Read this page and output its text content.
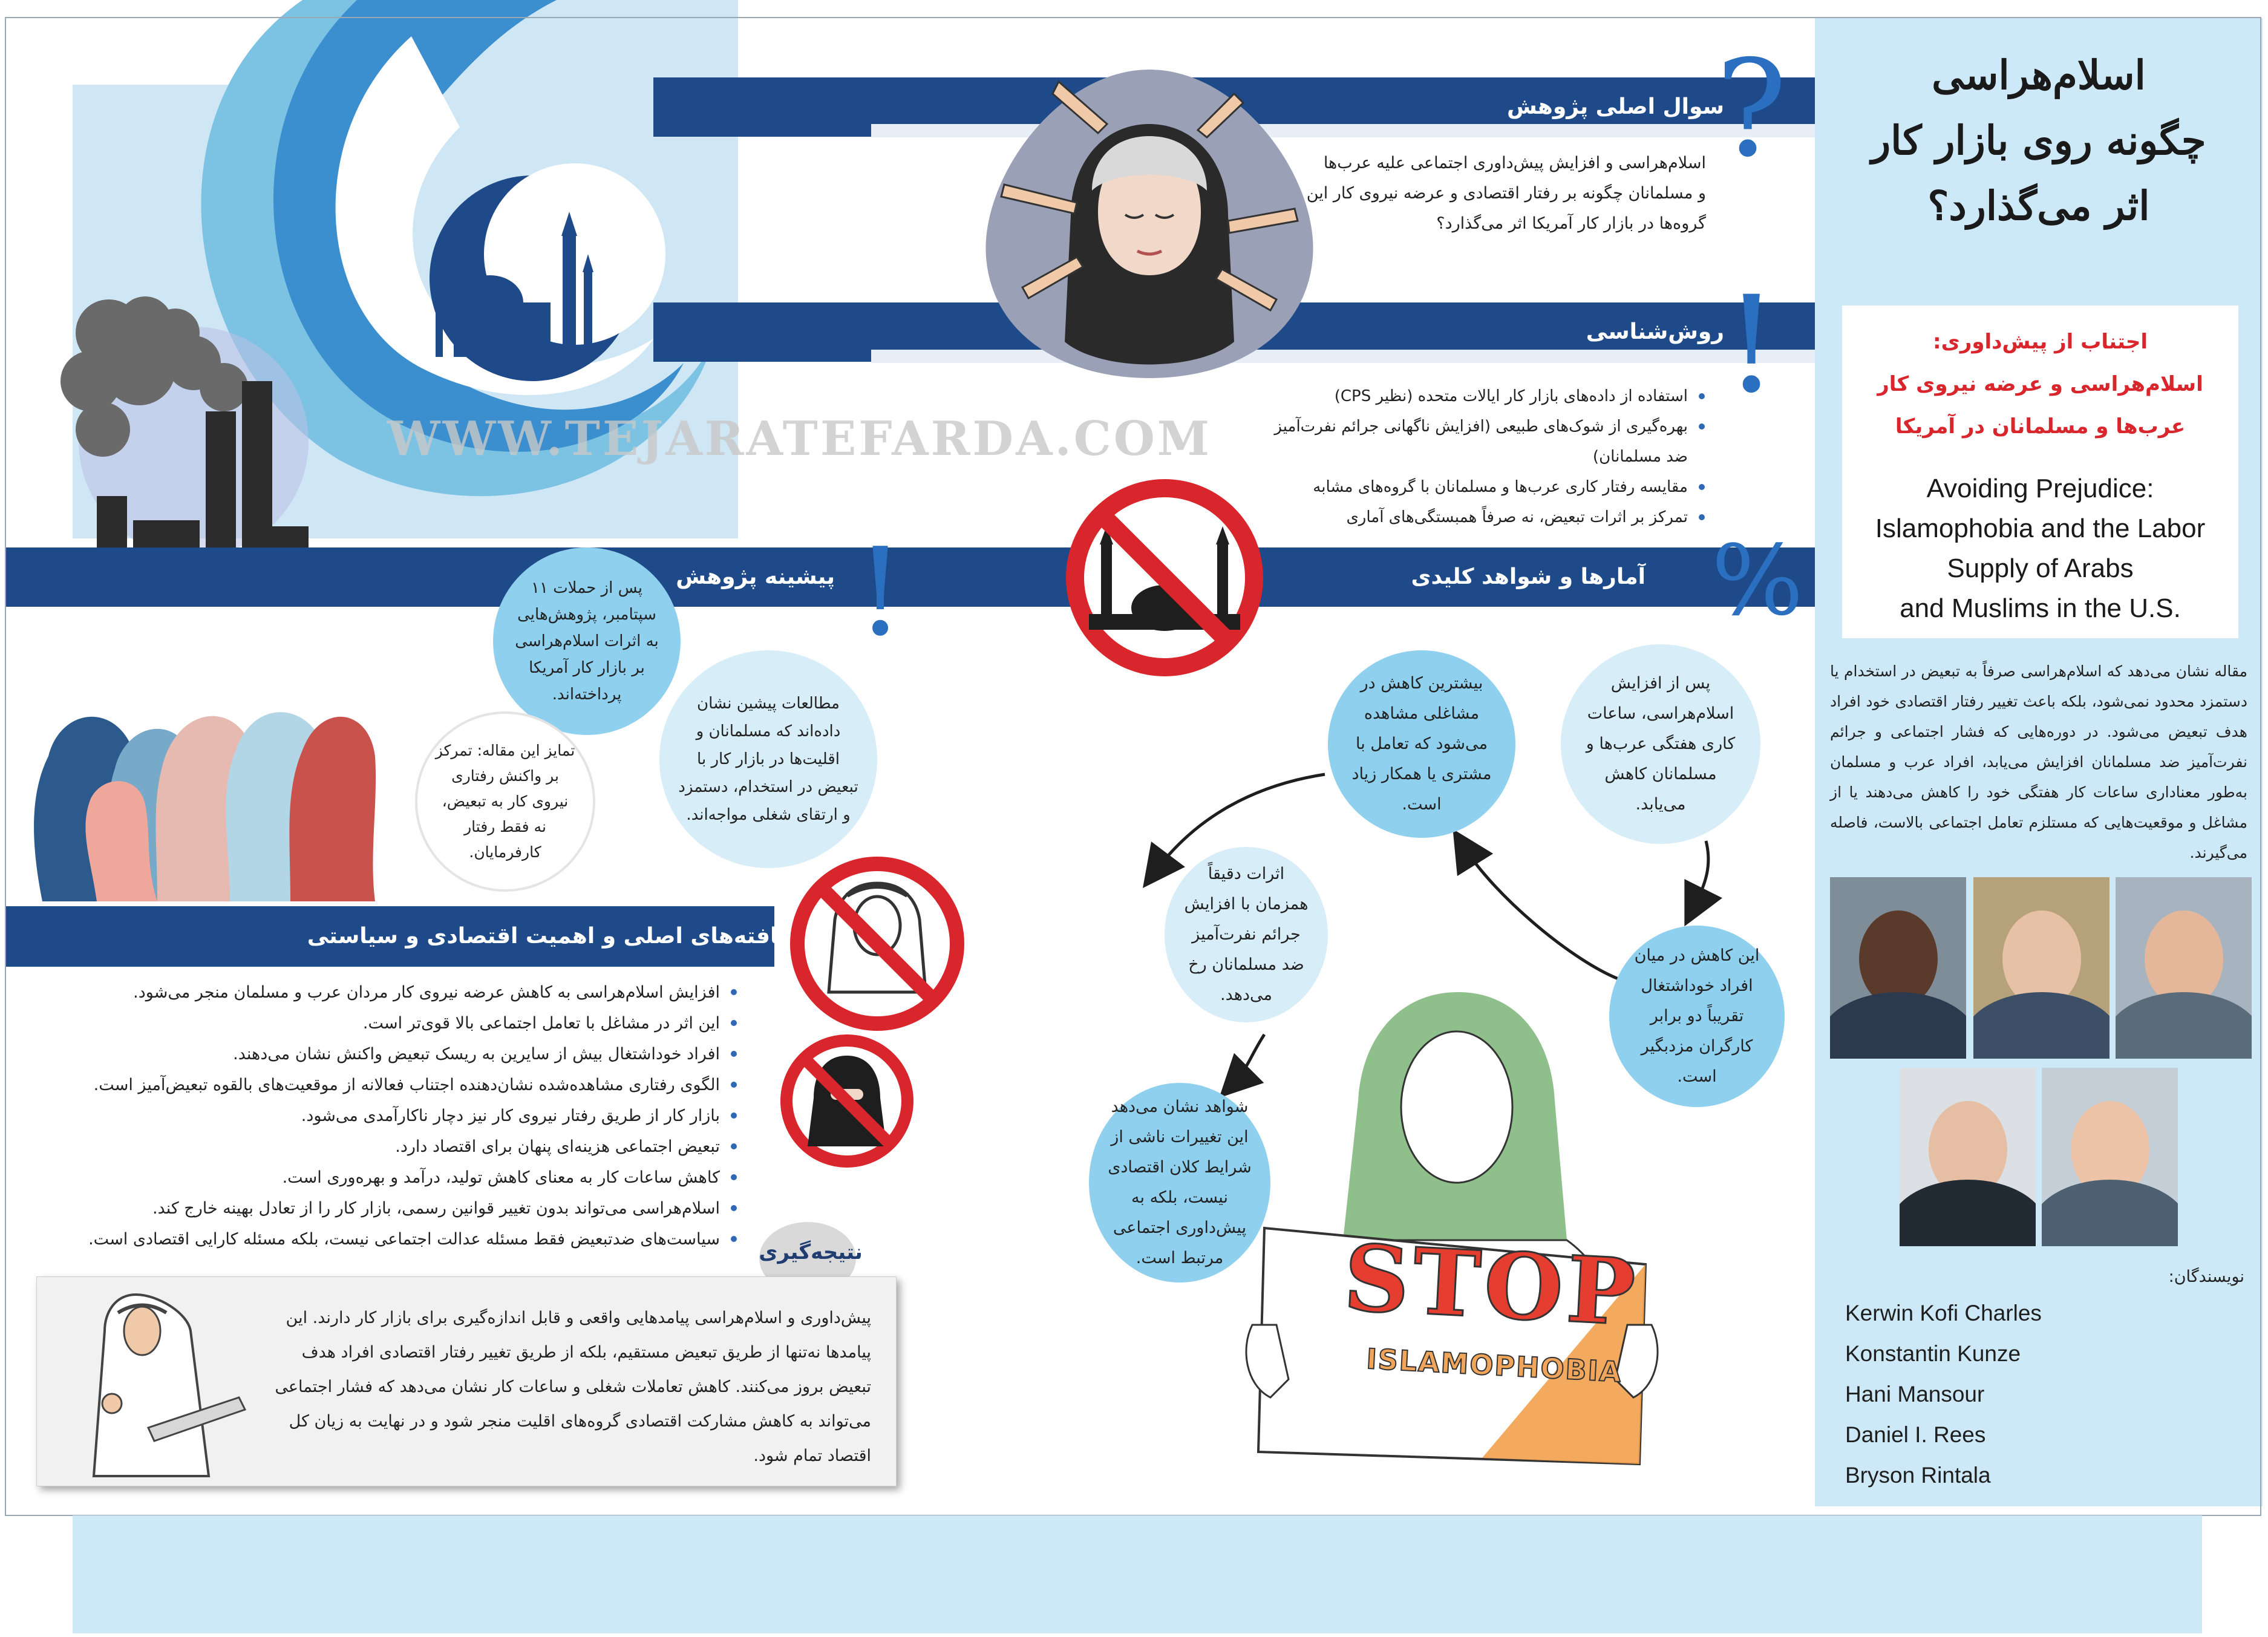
سوال اصلی پژوهش
روش‌شناسی
پیشینه پژوهش	آمارها و شواهد کلیدی
?
!
%
!
اسلام‌هراسی و افزایش پیش‌داوری اجتماعی علیه عرب‌ها
و مسلمانان چگونه بر رفتار اقتصادی و عرضه نیروی کار این
گروه‌ها در بازار کار آمریکا اثر می‌گذارد؟
استفاده از داده‌های بازار کار ایالات متحده (نظیر CPS)
بهره‌گیری از شوک‌های طبیعی (افزایش ناگهانی جرائم نفرت‌آمیز ضد مسلمانان)
مقایسه رفتار کاری عرب‌ها و مسلمانان با گروه‌های مشابه
تمرکز بر اثرات تبعیض، نه صرفاً همبستگی‌های آماری
WWW.TEJARATEFARDA.COM
پس از حملات ۱۱ سپتامبر، پژوهش‌هایی به اثرات اسلام‌هراسی بر بازار کار آمریکا پرداخته‌اند.	مطالعات پیشین نشان داده‌اند که مسلمانان و اقلیت‌ها در بازار کار با تبعیض در استخدام، دستمزد و ارتقای شغلی مواجه‌اند.
تمایز این مقاله: تمرکز بر واکنش رفتاری نیروی کار به تبعیض، نه فقط رفتار کارفرمایان.
یافته‌های اصلی و اهمیت اقتصادی و سیاستی
افزایش اسلام‌هراسی به کاهش عرضه نیروی کار مردان عرب و مسلمان منجر می‌شود.
این اثر در مشاغل با تعامل اجتماعی بالا قوی‌تر است.
افراد خوداشتغال بیش از سایرین به ریسک تبعیض واکنش نشان می‌دهند.
الگوی رفتاری مشاهده‌شده نشان‌دهنده اجتناب فعالانه از موقعیت‌های بالقوه تبعیض‌آمیز است.
بازار کار از طریق رفتار نیروی کار نیز دچار ناکارآمدی می‌شود.
تبعیض اجتماعی هزینه‌ای پنهان برای اقتصاد دارد.
کاهش ساعات کار به معنای کاهش تولید، درآمد و بهره‌وری است.
اسلام‌هراسی می‌تواند بدون تغییر قوانین رسمی، بازار کار را از تعادل بهینه خارج کند.
سیاست‌های ضدتبعیض فقط مسئله عدالت اجتماعی نیست، بلکه مسئله کارایی اقتصادی است.
نتیجه‌گیری
پیش‌داوری و اسلام‌هراسی پیامدهایی واقعی و قابل اندازه‌گیری برای بازار کار دارند. این
پیامدها نه‌تنها از طریق تبعیض مستقیم، بلکه از طریق تغییر رفتار اقتصادی افراد هدف
تبعیض بروز می‌کنند. کاهش تعاملات شغلی و ساعات کار نشان می‌دهد که فشار اجتماعی
می‌تواند به کاهش مشارکت اقتصادی گروه‌های اقلیت منجر شود و در نهایت به زیان کل
اقتصاد تمام شود.
پس از افزایش اسلام‌هراسی، ساعات کاری هفتگی عرب‌ها و مسلمانان کاهش می‌یابد.
بیشترین کاهش در مشاغلی مشاهده می‌شود که تعامل با مشتری یا همکار زیاد است.
اثرات دقیقاً همزمان با افزایش جرائم نفرت‌آمیز ضد مسلمانان رخ می‌دهد.
این کاهش در میان افراد خوداشتغال تقریباً دو برابر کارگران مزدبگیر است.
شواهد نشان می‌دهد این تغییرات ناشی از شرایط کلان اقتصادی نیست، بلکه به پیش‌داوری اجتماعی مرتبط است.	STOP
ISLAMOPHOBIA
اسلام‌هراسی
چگونه روی بازار کار
اثر می‌گذارد؟
اجتناب از پیش‌داوری:
اسلام‌هراسی و عرضه نیروی کار
عرب‌ها و مسلمانان در آمریکا
Avoiding Prejudice:
Islamophobia and the Labor
Supply of Arabs
and Muslims in the U.S.
مقاله نشان می‌دهد که اسلام‌هراسی صرفاً به تبعیض در استخدام یا دستمزد محدود نمی‌شود، بلکه باعث تغییر رفتار اقتصادی خود افراد هدف تبعیض می‌شود. در دوره‌هایی که فشار اجتماعی و جرائم نفرت‌آمیز ضد مسلمانان افزایش می‌یابد، افراد عرب و مسلمان به‌طور معناداری ساعات کار هفتگی خود را کاهش می‌دهند یا از مشاغل و موقعیت‌هایی که مستلزم تعامل اجتماعی بالاست، فاصله می‌گیرند.
نویسندگان:
Kerwin Kofi Charles
Konstantin Kunze
Hani Mansour
Daniel I. Rees
Bryson Rintala
